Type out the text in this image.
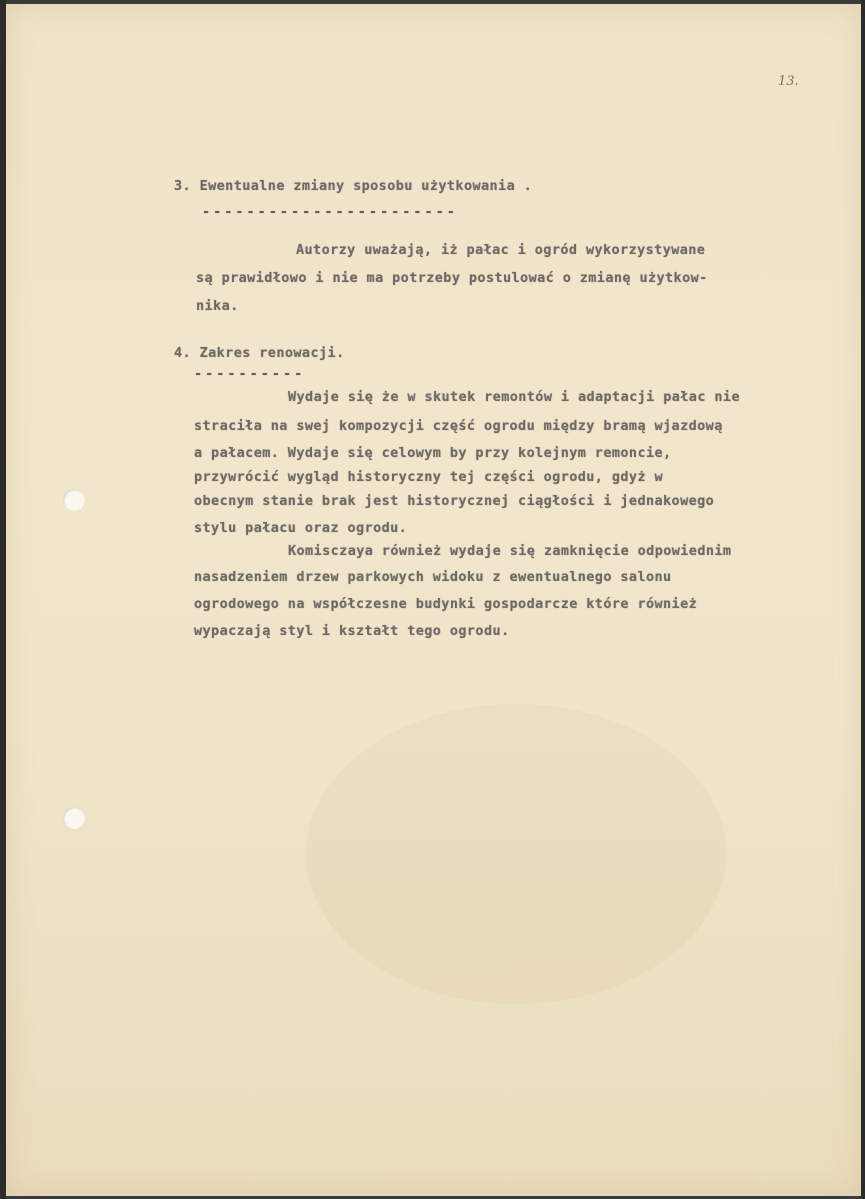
13.
3. Ewentualne zmiany sposobu użytkowania .
-----------------------
Autorzy uważają, iż pałac i ogród wykorzystywane
są prawidłowo i nie ma potrzeby postulować o zmianę użytkow-
nika.
4. Zakres renowacji.
----------
Wydaje się że w skutek remontów i adaptacji pałac nie
straciła na swej kompozycji część ogrodu między bramą wjazdową
a pałacem. Wydaje się celowym by przy kolejnym remoncie,
przywrócić wygląd historyczny tej części ogrodu, gdyż w
obecnym stanie brak jest historycznej ciągłości i jednakowego
stylu pałacu oraz ogrodu.
Komisczaya również wydaje się zamknięcie odpowiednim
nasadzeniem drzew parkowych widoku z ewentualnego salonu
ogrodowego na współczesne budynki gospodarcze które również
wypaczają styl i kształt tego ogrodu.
